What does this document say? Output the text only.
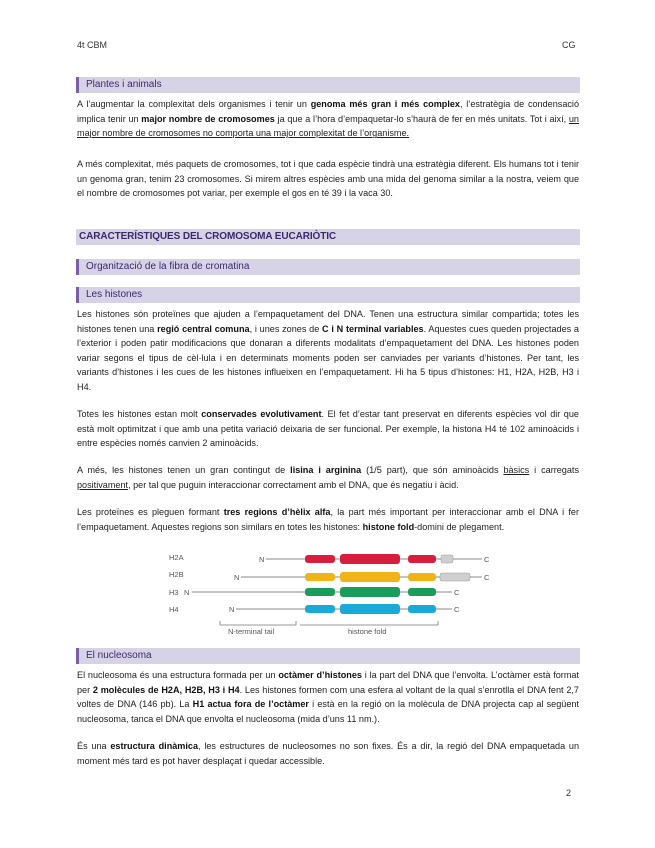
4t CBM	CG
Plantes i animals

A l’augmentar la complexitat dels organismes i tenir un genoma més gran i més complex, l’estratègia de condensació implica tenir un major nombre de cromosomes ja que a l’hora d’empaquetar-lo s’haurà de fer en més unitats. Tot i així, un major nombre de cromosomes no comporta una major complexitat de l’organisme.

A més complexitat, més paquets de cromosomes, tot i que cada espècie tindrà una estratègia diferent. Els humans tot i tenir un genoma gran, tenim 23 cromosomes. Si mirem altres espècies amb una mida del genoma similar a la nostra, veiem que el nombre de cromosomes pot variar, per exemple el gos en té 39 i la vaca 30.

CARACTERÍSTIQUES DEL CROMOSOMA EUCARIÒTIC
Organització de la fibra de cromatina
Les histones

Les histones són proteïnes que ajuden a l’empaquetament del DNA. Tenen una estructura similar compartida; totes les histones tenen una regió central comuna, i unes zones de C i N terminal variables. Aquestes cues queden projectades a l’exterior i poden patir modificacions que donaran a diferents modalitats d’empaquetament del DNA. Les histones poden variar segons el tipus de cèl·lula i en determinats moments poden ser canviades per variants d’histones. Per tant, les variants d’histones i les cues de les histones influeixen en l’empaquetament. Hi ha 5 tipus d’histones: H1, H2A, H2B, H3 i H4.

Totes les histones estan molt conservades evolutivament. El fet d’estar tant preservat en diferents espècies vol dir que està molt optimitzat i que amb una petita variació deixaria de ser funcional. Per exemple, la histona H4 té 102 aminoàcids i entre espècies només canvien 2 aminoàcids.

A més, les histones tenen un gran contingut de lisina i arginina (1/5 part), que són aminoàcids bàsics i carregats positivament, per tal que puguin interaccionar correctament amb el DNA, que és negatiu i àcid.

Les proteïnes es pleguen formant tres regions d’hèlix alfa, la part més important per interaccionar amb el DNA i fer l’empaquetament. Aquestes regions son similars en totes les histones: histone fold-domini de plegament.

H2A	N	C
H2B	N	C
H3 N	C
H4	N	C
N-terminal tail	histone fold
El nucleosoma

El nucleosoma és una estructura formada per un octàmer d’histones i la part del DNA que l’envolta. L’octàmer està format per 2 molècules de H2A, H2B, H3 i H4. Les histones formen com una esfera al voltant de la qual s’enrotlla el DNA fent 2,7 voltes de DNA (146 pb). La H1 actua fora de l’octàmer i està en la regió on la molècula de DNA projecta cap al següent nucleosoma, tanca el DNA que envolta el nucleosoma (mida d’uns 11 nm.).

És una estructura dinàmica, les estructures de nucleosomes no son fixes. És a dir, la regió del DNA empaquetada un moment més tard es pot haver desplaçat i quedar accessible.

2
